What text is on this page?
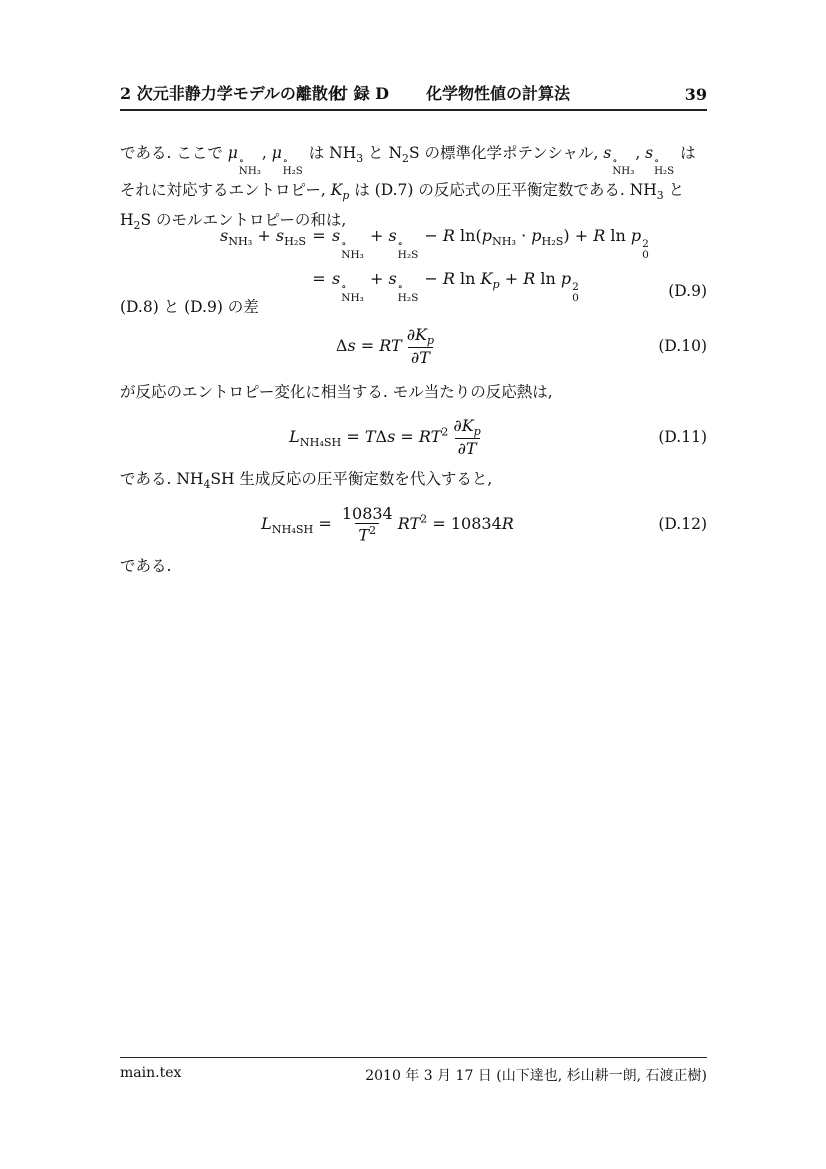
2 次元非静力学モデルの離散化
付 録 D 化学物性値の計算法	39

である. ここで μ ∘
NH₃
, μ ∘
H₂S
は $NH_3$ と $N_2S$ の標準化学ポテンシャル, s ∘
NH₃
, s ∘
H₂S
は
それに対応するエントロピー, $K_p$ は (D.7) の反応式の圧平衡定数である. $NH_3$ と
$H_2S$ のモルエントロピーの和は,

$s_{NH_3} + s_{H_2S} = s$ ∘
NH₃
+ s ∘
H₂S
− R $\ln(p_{NH_3} \cdot p_{H_2S}) + R$ ln p 2
0
= s ∘
NH₃
+ s ∘
H₂S
− R $\ln K_p + R$ ln p 2
0	(D.9)

(D.8) と (D.9) の差

Δs = RT $\frac{\partial K_p}{\partial T}$	(D.10)

が反応のエントロピー変化に相当する. モル当たりの反応熱は,

$L_{NH_4SH} = T\Delta s = RT^2 \frac{\partial K_p}{\partial T}$	(D.11)

である. $NH_4SH$ 生成反応の圧平衡定数を代入すると,

$L_{NH_4SH} = \frac{10834}{T^2} RT^2 = 10834R$	(D.12)

である.

main.tex	2010 年 3 月 17 日 (山下達也, 杉山耕一朗, 石渡正樹)
